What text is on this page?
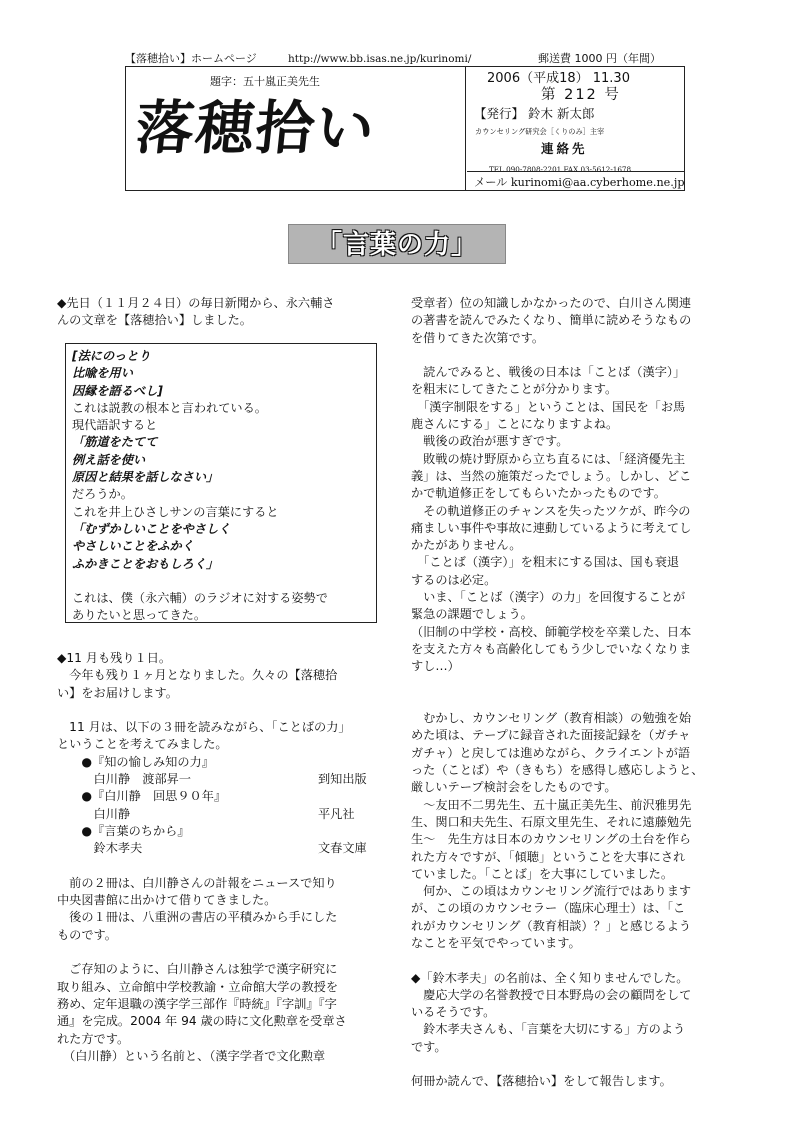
【落穂拾い】ホームページ	http://www.bb.isas.ne.jp/kurinomi/	郵送費 1000 円（年間）
題字：五十嵐正美先生
落穂拾い
2006（平成18） 11.30
第 212 号
【発行】 鈴木 新太郎
カウンセリング研究会［くりのみ］主宰
連絡先
TEL 090-7808-2201 FAX 03-5612-1678
メール kurinomi@aa.cyberhome.ne.jp
「言葉の力」

◆先日（１１月２４日）の毎日新聞から、永六輔さ

んの文章を【落穂拾い】しました。

[法にのっとり

比喩を用い

因縁を語るべし]

これは説教の根本と言われている。

現代語訳すると

「筋道をたてて

例え話を使い

原因と結果を話しなさい」

だろうか。

これを井上ひさしサンの言葉にすると

「むずかしいことをやさしく

やさしいことをふかく

ふかきことをおもしろく」

これは、僕（永六輔）のラジオに対する姿勢で

ありたいと思ってきた。

◆11 月も残り１日。

　今年も残り１ヶ月となりました。久々の【落穂拾

い】をお届けします。

　11 月は、以下の３冊を読みながら、「ことばの力」

ということを考えてみました。

　　●『知の愉しみ知の力』

　　　白川静　渡部昇一	到知出版

　　●『白川静　回思９０年』

　　　白川静	平凡社

　　●『言葉のちから』

　　　鈴木孝夫	文春文庫

　前の２冊は、白川静さんの計報をニュースで知り

中央図書館に出かけて借りてきました。

　後の１冊は、八重洲の書店の平積みから手にした

ものです。

　ご存知のように、白川静さんは独学で漢字研究に

取り組み、立命館中学校教諭・立命館大学の教授を

務め、定年退職の漢字学三部作『時統』『字訓』『字

通』を完成。2004 年 94 歳の時に文化勲章を受章さ

れた方です。

　（白川静）という名前と、（漢字学者で文化勲章

受章者）位の知識しかなかったので、白川さん関連

の著書を読んでみたくなり、簡単に読めそうなもの

を借りてきた次第です。

　読んでみると、戦後の日本は「ことば（漢字）」

を粗末にしてきたことが分かります。

　「漢字制限をする」ということは、国民を「お馬

鹿さんにする」ことになりますよね。

　戦後の政治が悪すぎです。

　敗戦の焼け野原から立ち直るには、「経済優先主

義」は、当然の施策だったでしょう。しかし、どこ

かで軌道修正をしてもらいたかったものです。

　その軌道修正のチャンスを失ったツケが、昨今の

痛ましい事件や事故に連動しているように考えてし

かたがありません。

　「ことば（漢字）」を粗末にする国は、国も衰退

するのは必定。

　いま、「ことば（漢字）の力」を回復することが

緊急の課題でしょう。

（旧制の中学校・高校、師範学校を卒業した、日本

を支えた方々も高齢化してもう少しでいなくなりま

すし…）

　むかし、カウンセリング（教育相談）の勉強を始

めた頃は、テープに録音された面接記録を（ガチャ

ガチャ）と戻しては進めながら、クライエントが語

った（ことば）や（きもち）を感得し感応しようと、

厳しいテープ検討会をしたものです。

　〜友田不二男先生、五十嵐正美先生、前沢雅男先

生、関口和夫先生、石原文里先生、それに遠藤勉先

生〜　先生方は日本のカウンセリングの土台を作ら

れた方々ですが、「傾聴」ということを大事にされ

ていました。「ことば」を大事にしていました。

　何か、この頃はカウンセリング流行ではあります

が、この頃のカウンセラー（臨床心理士）は、「こ

れがカウンセリング（教育相談）？」と感じるよう

なことを平気でやっています。

◆「鈴木孝夫」の名前は、全く知りませんでした。

　慶応大学の名誉教授で日本野鳥の会の顧問をして

いるそうです。

　鈴木孝夫さんも、「言葉を大切にする」方のよう

です。

何冊か読んで、【落穂拾い】をして報告します。
